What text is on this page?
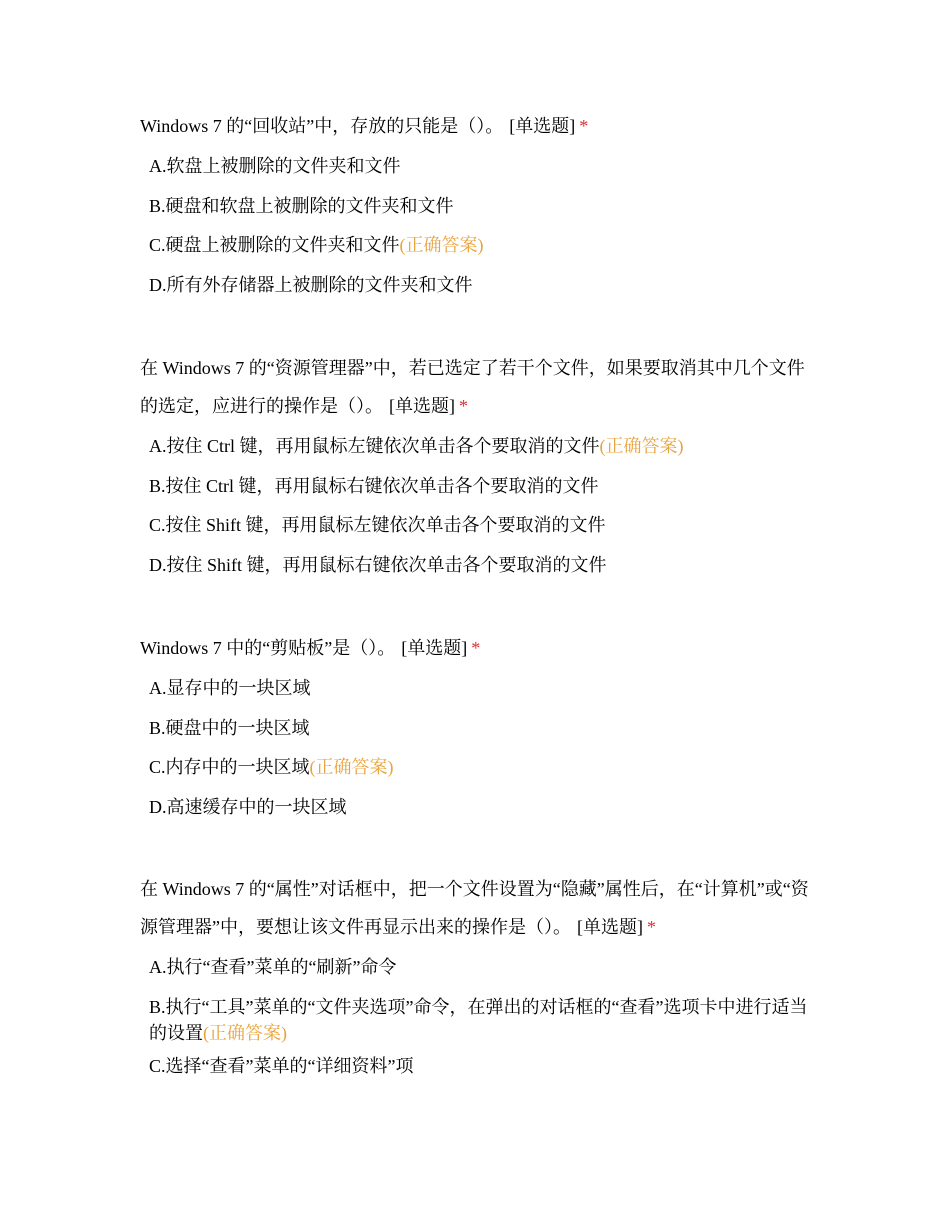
Windows 7 的“回收站”中，存放的只能是（）。 [单选题] *

A.软盘上被删除的文件夹和文件
B.硬盘和软盘上被删除的文件夹和文件
C.硬盘上被删除的文件夹和文件(正确答案)
D.所有外存储器上被删除的文件夹和文件

在 Windows 7 的“资源管理器”中，若已选定了若干个文件，如果要取消其中几个文件的选定，应进行的操作是（）。 [单选题] *

A.按住 Ctrl 键，再用鼠标左键依次单击各个要取消的文件(正确答案)
B.按住 Ctrl 键，再用鼠标右键依次单击各个要取消的文件
C.按住 Shift 键，再用鼠标左键依次单击各个要取消的文件
D.按住 Shift 键，再用鼠标右键依次单击各个要取消的文件

Windows 7 中的“剪贴板”是（）。 [单选题] *

A.显存中的一块区域
B.硬盘中的一块区域
C.内存中的一块区域(正确答案)
D.高速缓存中的一块区域

在 Windows 7 的“属性”对话框中，把一个文件设置为“隐藏”属性后，在“计算机”或“资源管理器”中，要想让该文件再显示出来的操作是（）。 [单选题] *

A.执行“查看”菜单的“刷新”命令
B.执行“工具”菜单的“文件夹选项”命令，在弹出的对话框的“查看”选项卡中进行适当的设置(正确答案)
C.选择“查看”菜单的“详细资料”项
